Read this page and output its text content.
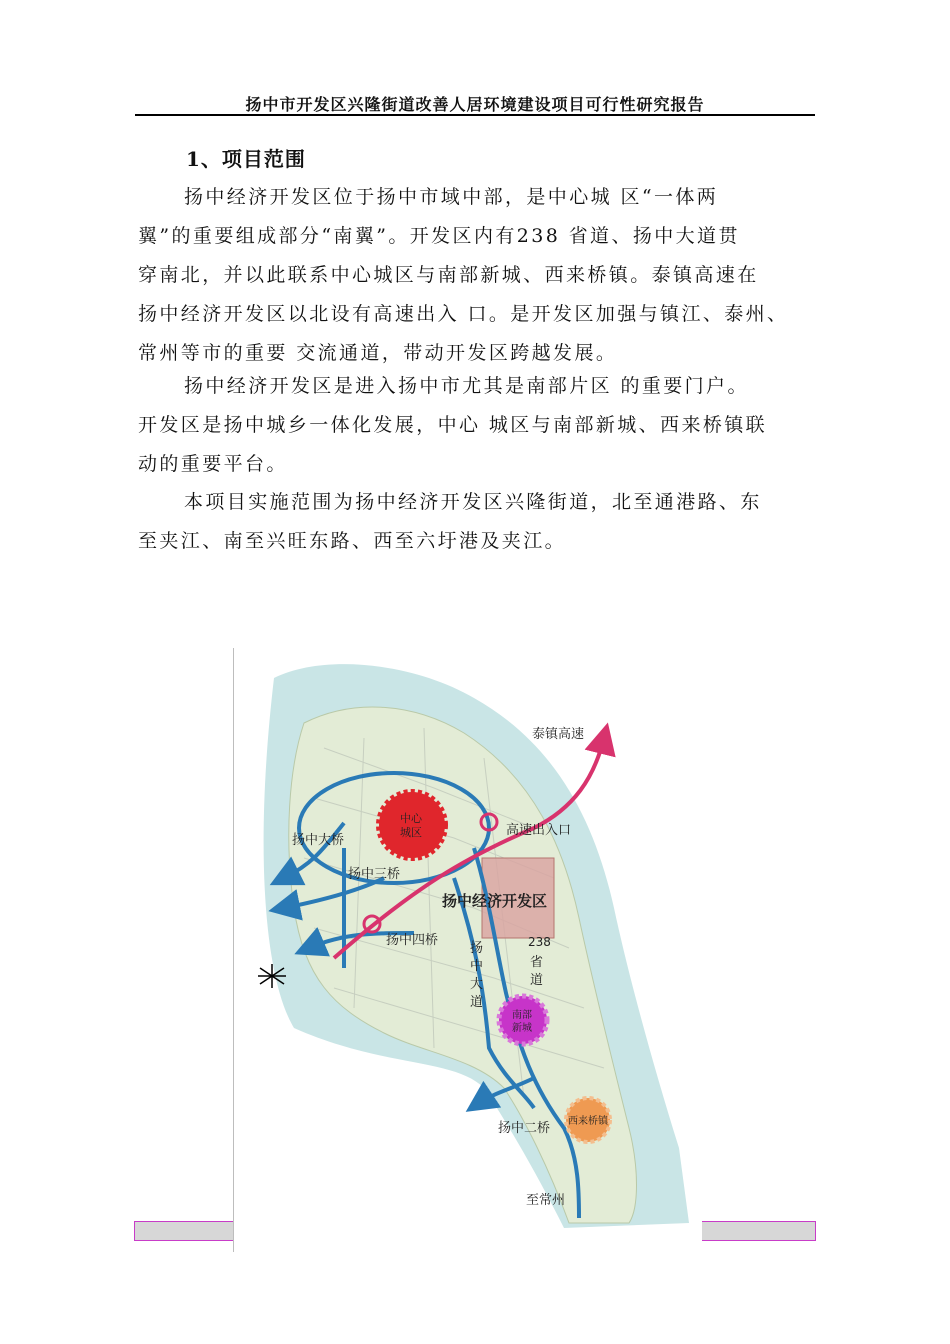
扬中市开发区兴隆街道改善人居环境建设项目可行性研究报告
1、项目范围
扬中经济开发区位于扬中市域中部，是中心城 区“一体两
翼”的重要组成部分“南翼”。开发区内有238 省道、扬中大道贯
穿南北，并以此联系中心城区与南部新城、西来桥镇。泰镇高速在
扬中经济开发区以北设有高速出入 口。是开发区加强与镇江、泰州、
常州等市的重要 交流通道，带动开发区跨越发展。
扬中经济开发区是进入扬中市尤其是南部片区 的重要门户。
开发区是扬中城乡一体化发展，中心 城区与南部新城、西来桥镇联
动的重要平台。
本项目实施范围为扬中经济开发区兴隆街道，北至通港路、东
至夹江、南至兴旺东路、西至六圩港及夹江。
泰镇高速
高速出入口
扬中大桥
扬中三桥
扬中四桥
扬中二桥
中心
城区
扬中经济开发区
238
省
道
扬
中
大
道
南部
新城
西来桥镇
至常州
